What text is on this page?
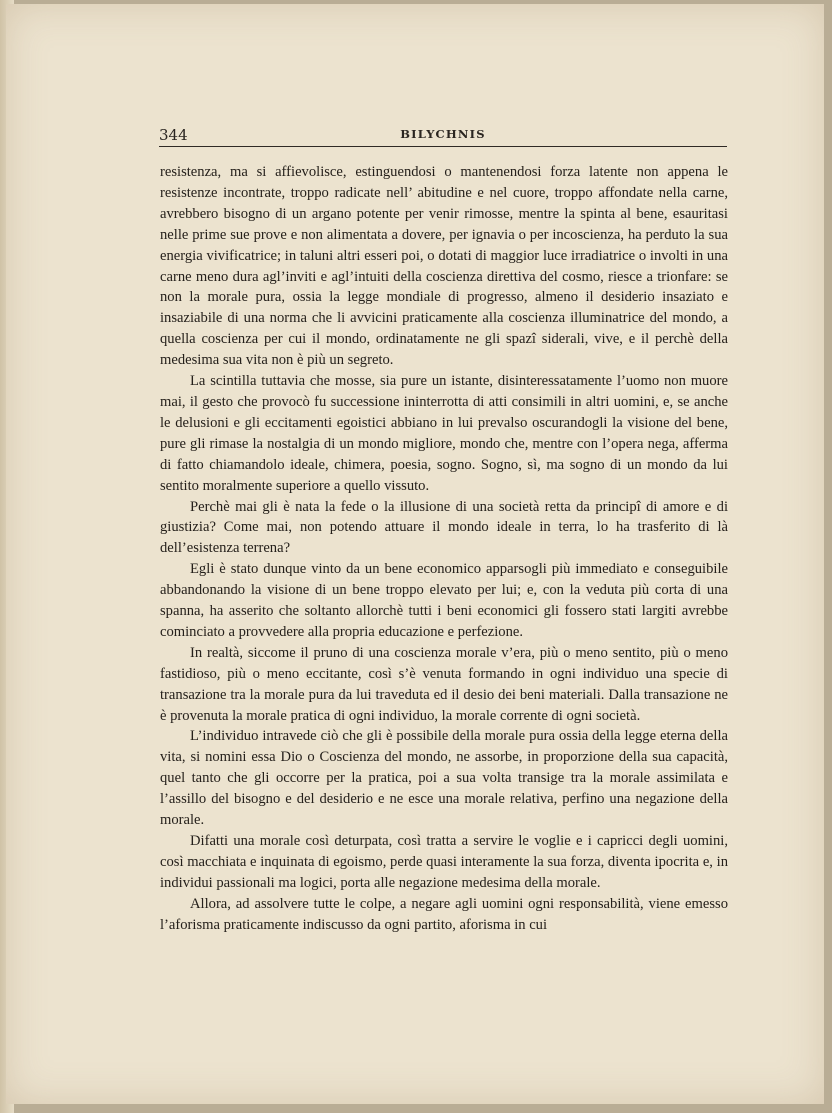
344	BILYCHNIS

resistenza, ma si affievolisce, estinguendosi o mantenendosi forza latente non appena le resistenze incontrate, troppo radicate nell’ abitudine e nel cuore, troppo affondate nella carne, avrebbero bisogno di un argano potente per venir rimosse, mentre la spinta al bene, esauritasi nelle prime sue prove e non alimentata a dovere, per ignavia o per incoscienza, ha perduto la sua energia vivificatrice; in taluni altri esseri poi, o dotati di maggior luce irradiatrice o involti in una carne meno dura agl’inviti e agl’intuiti della coscienza direttiva del cosmo, riesce a trionfare: se non la morale pura, ossia la legge mondiale di progresso, almeno il desiderio insaziato e insaziabile di una norma che li avvicini praticamente alla coscienza illuminatrice del mondo, a quella coscienza per cui il mondo, ordinatamente ne gli spazî siderali, vive, e il perchè della medesima sua vita non è più un segreto.

La scintilla tuttavia che mosse, sia pure un istante, disinteressatamente l’uomo non muore mai, il gesto che provocò fu successione ininterrotta di atti consimili in altri uomini, e, se anche le delusioni e gli eccitamenti egoistici abbiano in lui prevalso oscurandogli la visione del bene, pure gli rimase la nostalgia di un mondo migliore, mondo che, mentre con l’opera nega, afferma di fatto chiamandolo ideale, chimera, poesia, sogno. Sogno, sì, ma sogno di un mondo da lui sentito moralmente superiore a quello vissuto.

Perchè mai gli è nata la fede o la illusione di una società retta da principî di amore e di giustizia? Come mai, non potendo attuare il mondo ideale in terra, lo ha trasferito di là dell’esistenza terrena?

Egli è stato dunque vinto da un bene economico apparsogli più immediato e conseguibile abbandonando la visione di un bene troppo elevato per lui; e, con la veduta più corta di una spanna, ha asserito che soltanto allorchè tutti i beni economici gli fossero stati largiti avrebbe cominciato a provvedere alla propria educazione e perfezione.

In realtà, siccome il pruno di una coscienza morale v’era, più o meno sentito, più o meno fastidioso, più o meno eccitante, così s’è venuta formando in ogni individuo una specie di transazione tra la morale pura da lui traveduta ed il desio dei beni materiali. Dalla transazione ne è provenuta la morale pratica di ogni individuo, la morale corrente di ogni società.

L’individuo intravede ciò che gli è possibile della morale pura ossia della legge eterna della vita, si nomini essa Dio o Coscienza del mondo, ne assorbe, in proporzione della sua capacità, quel tanto che gli occorre per la pratica, poi a sua volta transige tra la morale assimilata e l’assillo del bisogno e del desiderio e ne esce una morale relativa, perfino una negazione della morale.

Difatti una morale così deturpata, così tratta a servire le voglie e i capricci degli uomini, così macchiata e inquinata di egoismo, perde quasi interamente la sua forza, diventa ipocrita e, in individui passionali ma logici, porta alle negazione medesima della morale.

Allora, ad assolvere tutte le colpe, a negare agli uomini ogni responsabilità, viene emesso l’aforisma praticamente indiscusso da ogni partito, aforisma in cui
